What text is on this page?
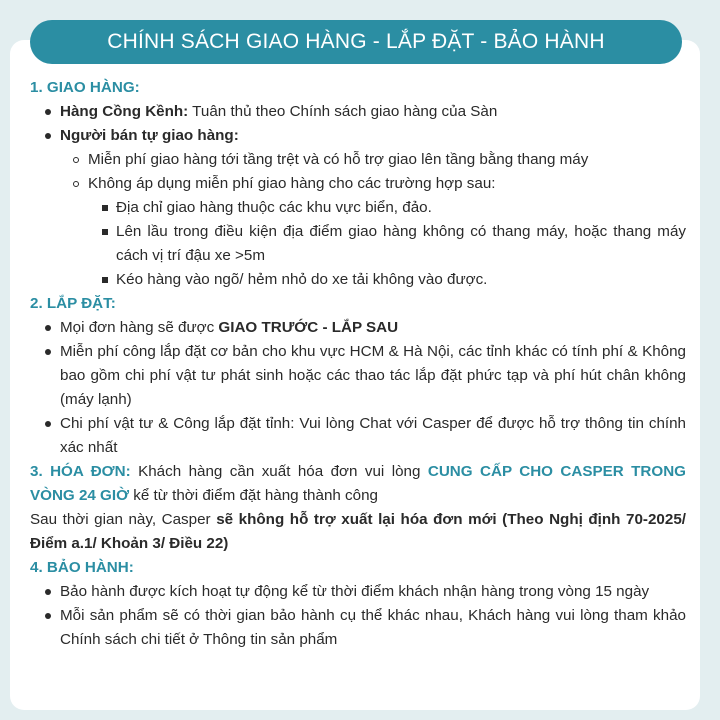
CHÍNH SÁCH GIAO HÀNG - LẮP ĐẶT - BẢO HÀNH
1. GIAO HÀNG:
Hàng Cồng Kềnh: Tuân thủ theo Chính sách giao hàng của Sàn
Người bán tự giao hàng:
Miễn phí giao hàng tới tầng trệt và có hỗ trợ giao lên tầng bằng thang máy
Không áp dụng miễn phí giao hàng cho các trường hợp sau:
Địa chỉ giao hàng thuộc các khu vực biển, đảo.
Lên lầu trong điều kiện địa điểm giao hàng không có thang máy, hoặc thang máy cách vị trí đậu xe >5m
Kéo hàng vào ngõ/ hẻm nhỏ do xe tải không vào được.
2. LẮP ĐẶT:
Mọi đơn hàng sẽ được GIAO TRƯỚC - LẮP SAU
Miễn phí công lắp đặt cơ bản cho khu vực HCM & Hà Nội, các tỉnh khác có tính phí & Không bao gồm chi phí vật tư phát sinh hoặc các thao tác lắp đặt phức tạp và phí hút chân không (máy lạnh)
Chi phí vật tư & Công lắp đặt tỉnh: Vui lòng Chat với Casper để được hỗ trợ thông tin chính xác nhất
3. HÓA ĐƠN: Khách hàng cần xuất hóa đơn vui lòng CUNG CẤP CHO CASPER TRONG VÒNG 24 GIỜ kể từ thời điểm đặt hàng thành công
Sau thời gian này, Casper sẽ không hỗ trợ xuất lại hóa đơn mới (Theo Nghị định 70-2025/ Điểm a.1/ Khoản 3/ Điều 22)
4. BẢO HÀNH:
Bảo hành được kích hoạt tự động kể từ thời điểm khách nhận hàng trong vòng 15 ngày
Mỗi sản phẩm sẽ có thời gian bảo hành cụ thể khác nhau, Khách hàng vui lòng tham khảo Chính sách chi tiết ở Thông tin sản phẩm
